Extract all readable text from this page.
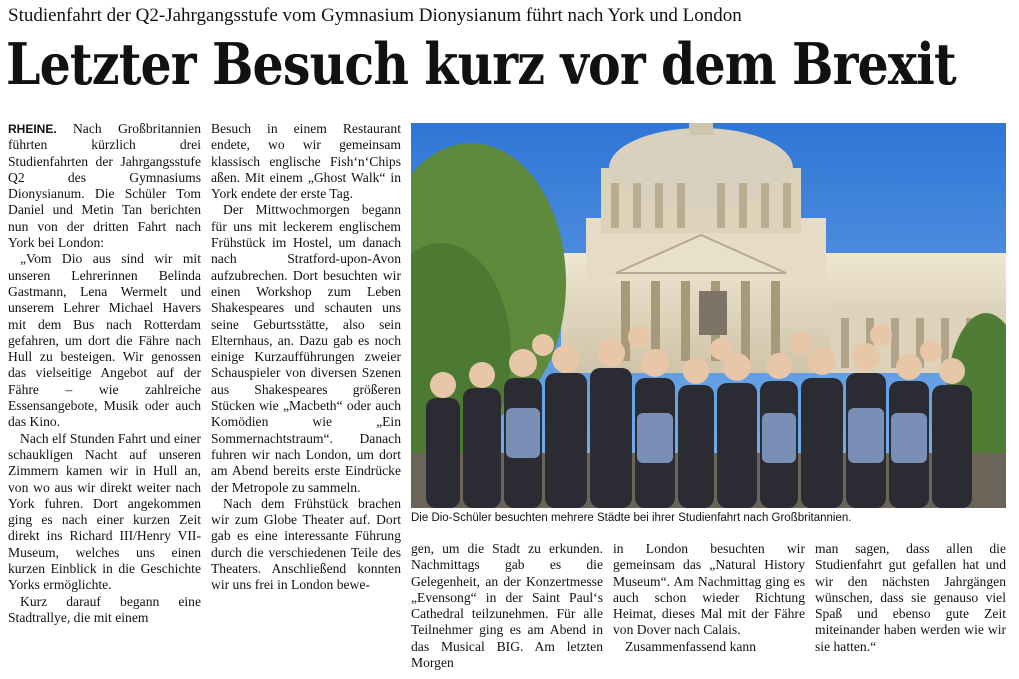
Studienfahrt der Q2-Jahrgangsstufe vom Gymnasium Dionysianum führt nach York und London
Letzter Besuch kurz vor dem Brexit

RHEINE. Nach Großbritannien führten kürzlich drei Studienfahrten der Jahrgangsstufe Q2 des Gymnasiums Dionysianum. Die Schüler Tom Daniel und Metin Tan berichten nun von der dritten Fahrt nach York bei London:

„Vom Dio aus sind wir mit unseren Lehrerinnen Belinda Gastmann, Lena Wermelt und unserem Lehrer Michael Havers mit dem Bus nach Rotterdam gefahren, um dort die Fähre nach Hull zu besteigen. Wir genossen das vielseitige Angebot auf der Fähre – wie zahlreiche Essensangebote, Musik oder auch das Kino.

Nach elf Stunden Fahrt und einer schaukligen Nacht auf unseren Zimmern kamen wir in Hull an, von wo aus wir direkt weiter nach York fuhren. Dort angekommen ging es nach einer kurzen Zeit direkt ins Richard III/Henry VII-Museum, welches uns einen kurzen Einblick in die Geschichte Yorks ermöglichte.

Kurz darauf begann eine Stadtrallye, die mit einem

Besuch in einem Restaurant endete, wo wir gemeinsam klassisch englische Fish‘n‘Chips aßen. Mit einem „Ghost Walk“ in York endete der erste Tag.

Der Mittwochmorgen begann für uns mit leckerem englischem Frühstück im Hostel, um danach nach Stratford-upon-Avon aufzubrechen. Dort besuchten wir einen Workshop zum Leben Shakespeares und schauten uns seine Geburtsstätte, also sein Elternhaus, an. Dazu gab es noch einige Kurzaufführungen zweier Schauspieler von diversen Szenen aus Shakespeares größeren Stücken wie „Macbeth“ oder auch Komödien wie „Ein Sommernachtstraum“. Danach fuhren wir nach London, um dort am Abend bereits erste Eindrücke der Metropole zu sammeln.

Nach dem Frühstück brachen wir zum Globe Theater auf. Dort gab es eine interessante Führung durch die verschiedenen Teile des Theaters. Anschließend konnten wir uns frei in London bewe-

Die Dio-Schüler besuchten mehrere Städte bei ihrer Studienfahrt nach Großbritannien.

gen, um die Stadt zu erkunden. Nachmittags gab es die Gelegenheit, an der Konzertmesse „Evensong“ in der Saint Paul‘s Cathedral teilzunehmen. Für alle Teilnehmer ging es am Abend in das Musical BIG. Am letzten Morgen

in London besuchten wir gemeinsam das „Natural History Museum“. Am Nachmittag ging es auch schon wieder Richtung Heimat, dieses Mal mit der Fähre von Dover nach Calais.

Zusammenfassend kann

man sagen, dass allen die Studienfahrt gut gefallen hat und wir den nächsten Jahrgängen wünschen, dass sie genauso viel Spaß und ebenso gute Zeit miteinander haben werden wie wir sie hatten.“
